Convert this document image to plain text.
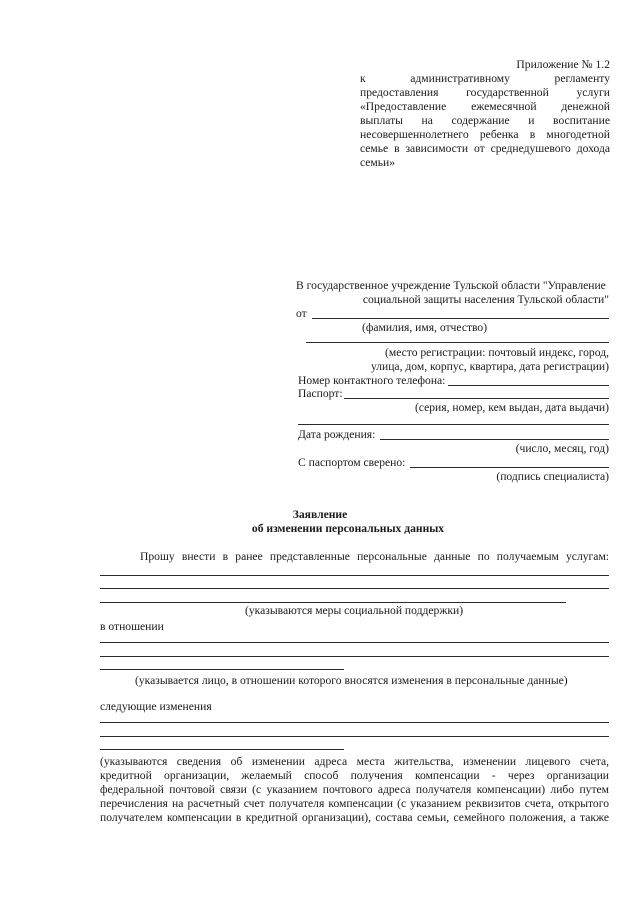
Приложение № 1.2
к административному регламенту
предоставления государственной услуги
«Предоставление ежемесячной денежной
выплаты на содержание и воспитание
несовершеннолетнего ребенка в многодетной
семье в зависимости от среднедушевого дохода
семьи»
В государственное учреждение Тульской области "Управление
социальной защиты населения Тульской области"
от
(фамилия, имя, отчество)
(место регистрации: почтовый индекс, город,
улица, дом, корпус, квартира, дата регистрации)
Номер контактного телефона:
Паспорт:
(серия, номер, кем выдан, дата выдачи)
Дата рождения:
(число, месяц, год)
С паспортом сверено:
(подпись специалиста)
Заявление
об изменении персональных данных
Прошу внести в ранее представленные персональные данные по получаемым услугам:
(указываются меры социальной поддержки)
в отношении
(указывается лицо, в отношении которого вносятся изменения в персональные данные)
следующие изменения
(указываются сведения об изменении адреса места жительства, изменении лицевого счета,
кредитной организации, желаемый способ получения компенсации - через организации
федеральной почтовой связи (с указанием почтового адреса получателя компенсации) либо путем
перечисления на расчетный счет получателя компенсации (с указанием реквизитов счета, открытого
получателем компенсации в кредитной организации), состава семьи, семейного положения, а также
